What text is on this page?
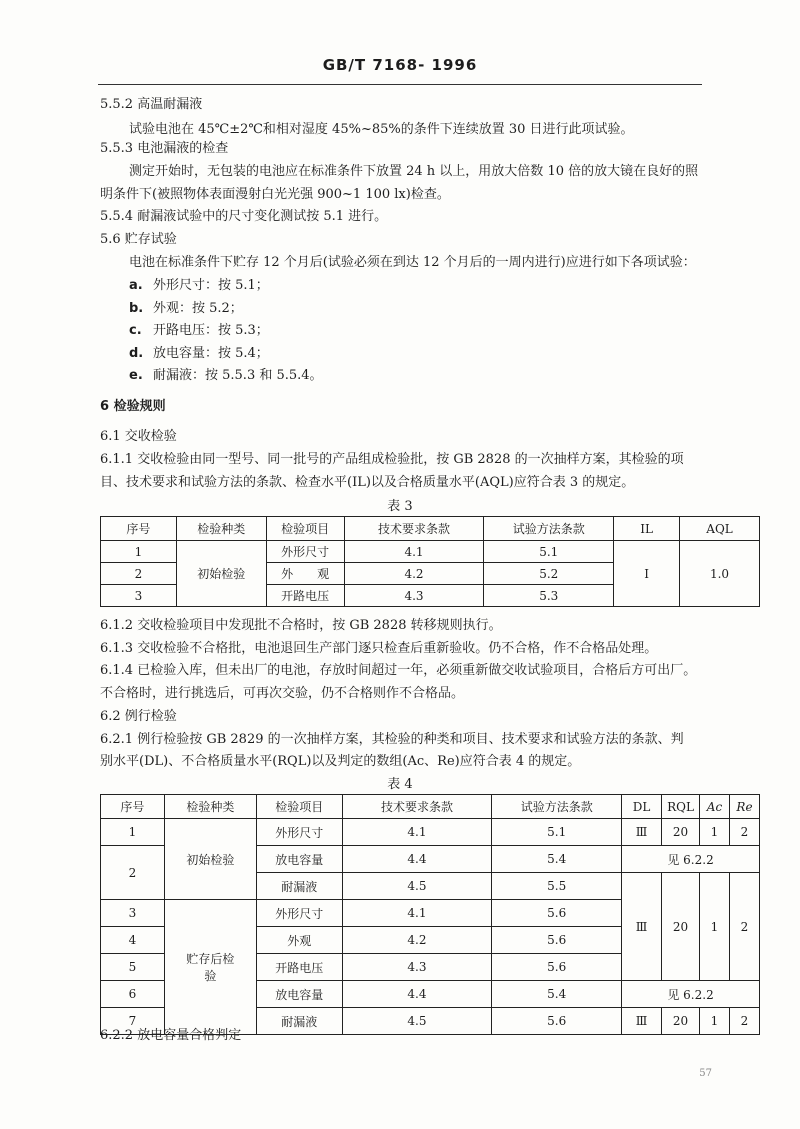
GB/T 7168- 1996
5.5.2 高温耐漏液
试验电池在 45℃±2℃和相对湿度 45%~85%的条件下连续放置 30 日进行此项试验。
5.5.3 电池漏液的检查
测定开始时，无包装的电池应在标准条件下放置 24 h 以上，用放大倍数 10 倍的放大镜在良好的照
明条件下(被照物体表面漫射白光光强 900~1 100 lx)检查。
5.5.4 耐漏液试验中的尺寸变化测试按 5.1 进行。
5.6 贮存试验
电池在标准条件下贮存 12 个月后(试验必须在到达 12 个月后的一周内进行)应进行如下各项试验：
a. 外形尺寸：按 5.1；
b. 外观：按 5.2；
c. 开路电压：按 5.3；
d. 放电容量：按 5.4；
e. 耐漏液：按 5.5.3 和 5.5.4。
6 检验规则
6.1 交收检验
6.1.1 交收检验由同一型号、同一批号的产品组成检验批，按 GB 2828 的一次抽样方案，其检验的项
目、技术要求和试验方法的条款、检查水平(IL)以及合格质量水平(AQL)应符合表 3 的规定。
表 3
序号	检验种类	检验项目	技术要求条款	试验方法条款	IL	AQL
1	初始检验	外形尺寸	4.1	5.1	Ⅰ	1.0
2		外　　观	4.2	5.2		
3		开路电压	4.3	5.3		
6.1.2 交收检验项目中发现批不合格时，按 GB 2828 转移规则执行。
6.1.3 交收检验不合格批，电池退回生产部门逐只检查后重新验收。仍不合格，作不合格品处理。
6.1.4 已检验入库，但未出厂的电池，存放时间超过一年，必须重新做交收试验项目，合格后方可出厂。
不合格时，进行挑选后，可再次交验，仍不合格则作不合格品。
6.2 例行检验
6.2.1 例行检验按 GB 2829 的一次抽样方案，其检验的种类和项目、技术要求和试验方法的条款、判
别水平(DL)、不合格质量水平(RQL)以及判定的数组(Ac、Re)应符合表 4 的规定。
表 4
序号	检验种类	检验项目	技术要求条款	试验方法条款	DL	RQL	Ac	Re
1	初始检验	外形尺寸	4.1	5.1	Ⅲ	20	1	2
2		放电容量	4.4	5.4	见 6.2.2			
		耐漏液	4.5	5.5	Ⅲ	20	1	2
3	贮存后检验	外形尺寸	4.1	5.6				
4		外观	4.2	5.6				
5		开路电压	4.3	5.6				
6		放电容量	4.4	5.4	见 6.2.2			
7		耐漏液	4.5	5.6	Ⅲ	20	1	2
6.2.2 放电容量合格判定
57
